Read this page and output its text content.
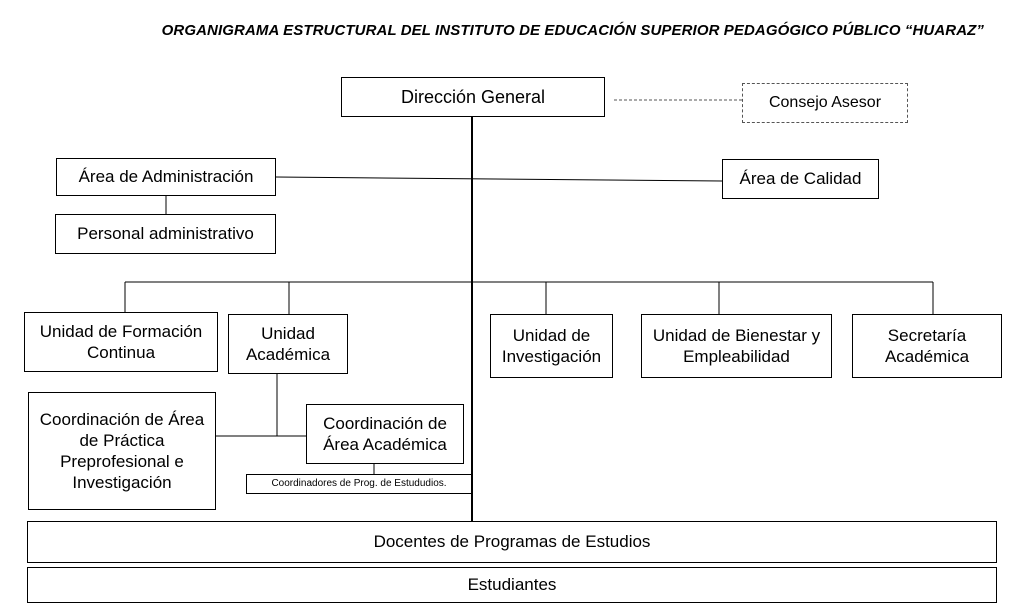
ORGANIGRAMA ESTRUCTURAL DEL INSTITUTO DE EDUCACIÓN SUPERIOR PEDAGÓGICO PÚBLICO “HUARAZ”
Dirección General	Consejo Asesor
Área de Administración
Personal administrativo
Área de Calidad
Unidad de Formación Continua
Unidad Académica
Unidad de Investigación
Unidad de Bienestar y Empleabilidad
Secretaría Académica
Coordinación de Área de Práctica Preprofesional e Investigación
Coordinación de Área Académica
Coordinadores de Prog. de Estududios.
Docentes de Programas de Estudios
Estudiantes
